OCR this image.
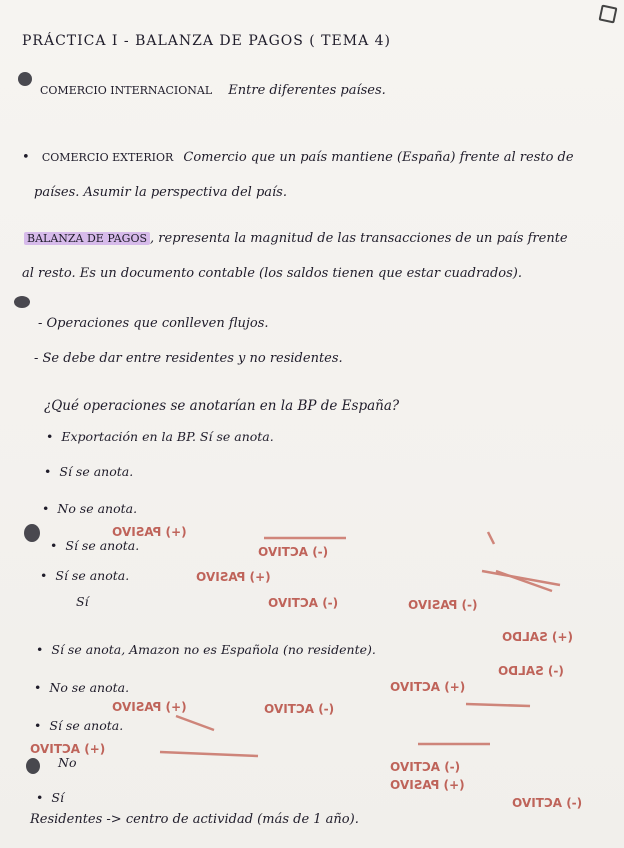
PRÁCTICA I - BALANZA DE PAGOS ( TEMA 4)
COMERCIO INTERNACIONAL Entre diferentes países.
• COMERCIO EXTERIOR Comercio que un país mantiene (España) frente al resto de
países. Asumir la perspectiva del país.
BALANZA DE PAGOS , representa la magnitud de las transacciones de un país frente
al resto. Es un documento contable (los saldos tienen que estar cuadrados).
- Operaciones que conlleven flujos.
- Se debe dar entre residentes y no residentes.
¿Qué operaciones se anotarían en la BP de España?
• Exportación en la BP. Sí se anota.
• Sí se anota.
• No se anota.
• Sí se anota.
• Sí se anota.
Sí
• Sí se anota, Amazon no es Española (no residente).
• No se anota.
• Sí se anota.
No
• Sí
Residentes -> centro de actividad (más de 1 año).
(+) PASIVO
(-) ACTIVO
(+) PASIVO
(-) ACTIVO	(-) PASIVO
(+) SALDO
(-) SALDO
(+) ACTIVO
(+) PASIVO	(-) ACTIVO
(+) ACTIVO
(-) ACTIVO
(+) PASIVO
(-) ACTIVO
